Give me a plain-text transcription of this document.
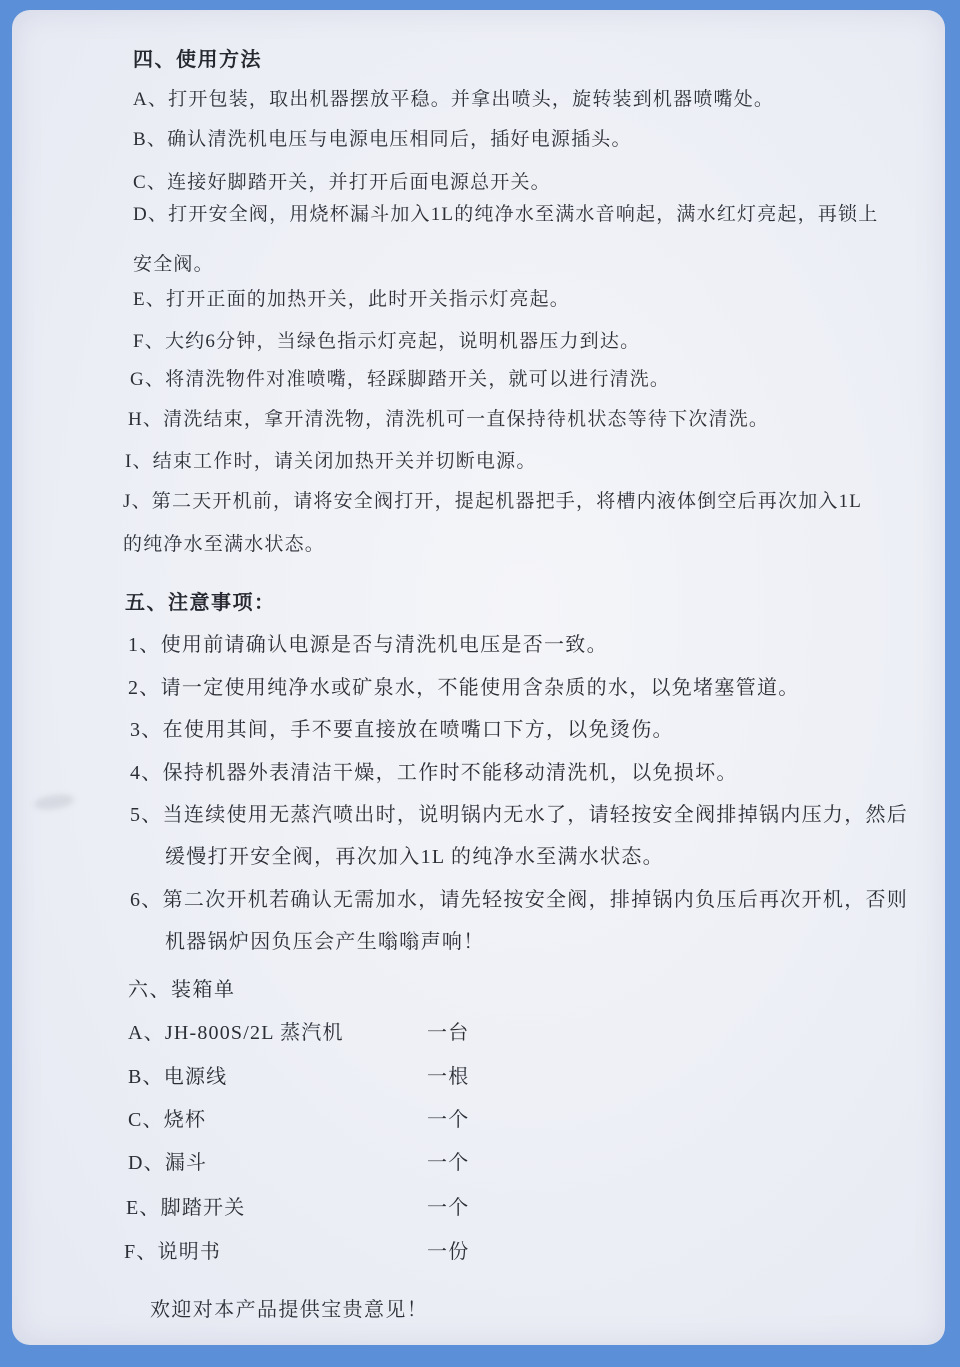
四、使用方法
A、打开包装，取出机器摆放平稳。并拿出喷头，旋转装到机器喷嘴处。
B、确认清洗机电压与电源电压相同后，插好电源插头。
C、连接好脚踏开关，并打开后面电源总开关。
D、打开安全阀，用烧杯漏斗加入1L的纯净水至满水音响起，满水红灯亮起，再锁上
安全阀。
E、打开正面的加热开关，此时开关指示灯亮起。
F、大约6分钟，当绿色指示灯亮起，说明机器压力到达。
G、将清洗物件对准喷嘴，轻踩脚踏开关，就可以进行清洗。
H、清洗结束，拿开清洗物，清洗机可一直保持待机状态等待下次清洗。
I、结束工作时，请关闭加热开关并切断电源。
J、第二天开机前，请将安全阀打开，提起机器把手，将槽内液体倒空后再次加入1L
的纯净水至满水状态。
五、注意事项：
1、使用前请确认电源是否与清洗机电压是否一致。
2、请一定使用纯净水或矿泉水，不能使用含杂质的水，以免堵塞管道。
3、在使用其间，手不要直接放在喷嘴口下方，以免烫伤。
4、保持机器外表清洁干燥，工作时不能移动清洗机，以免损坏。
5、当连续使用无蒸汽喷出时，说明锅内无水了，请轻按安全阀排掉锅内压力，然后
缓慢打开安全阀，再次加入1L 的纯净水至满水状态。
6、第二次开机若确认无需加水，请先轻按安全阀，排掉锅内负压后再次开机，否则
机器锅炉因负压会产生嗡嗡声响！
六、装箱单
A、JH-800S/2L 蒸汽机	一台
B、电源线	一根
C、烧杯	一个
D、漏斗	一个
E、脚踏开关	一个
F、说明书	一份
欢迎对本产品提供宝贵意见！
